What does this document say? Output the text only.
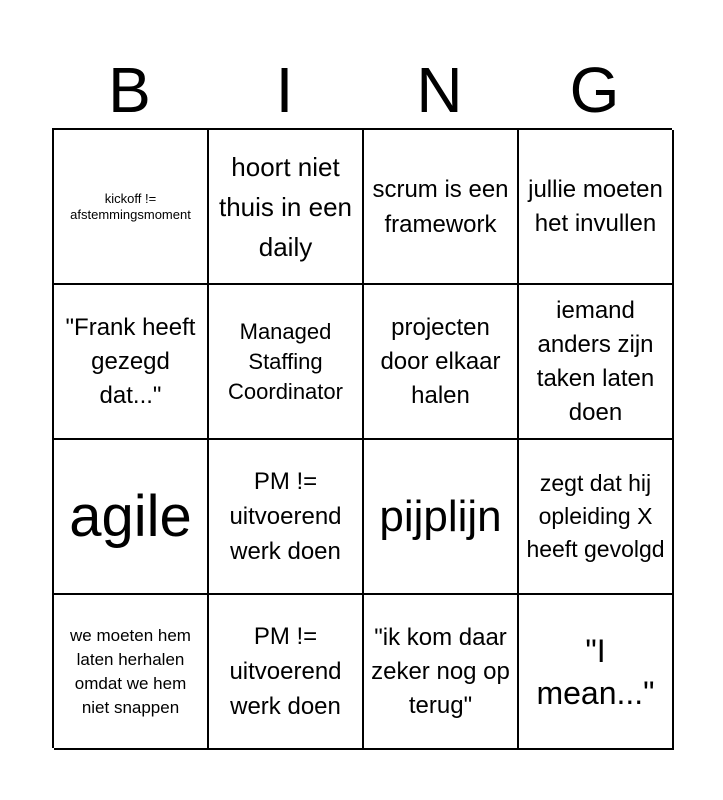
B	I	N	G
kickoff != afstemmingsmoment
hoort niet thuis in een daily
scrum is een framework
jullie moeten het invullen
"Frank heeft gezegd dat..."
Managed Staffing Coordinator
projecten door elkaar halen
iemand anders zijn taken laten doen
agile
PM != uitvoerend werk doen
pijplijn
zegt dat hij opleiding X heeft gevolgd
we moeten hem laten herhalen omdat we hem niet snappen
PM != uitvoerend werk doen
"ik kom daar zeker nog op terug"
"I mean..."
